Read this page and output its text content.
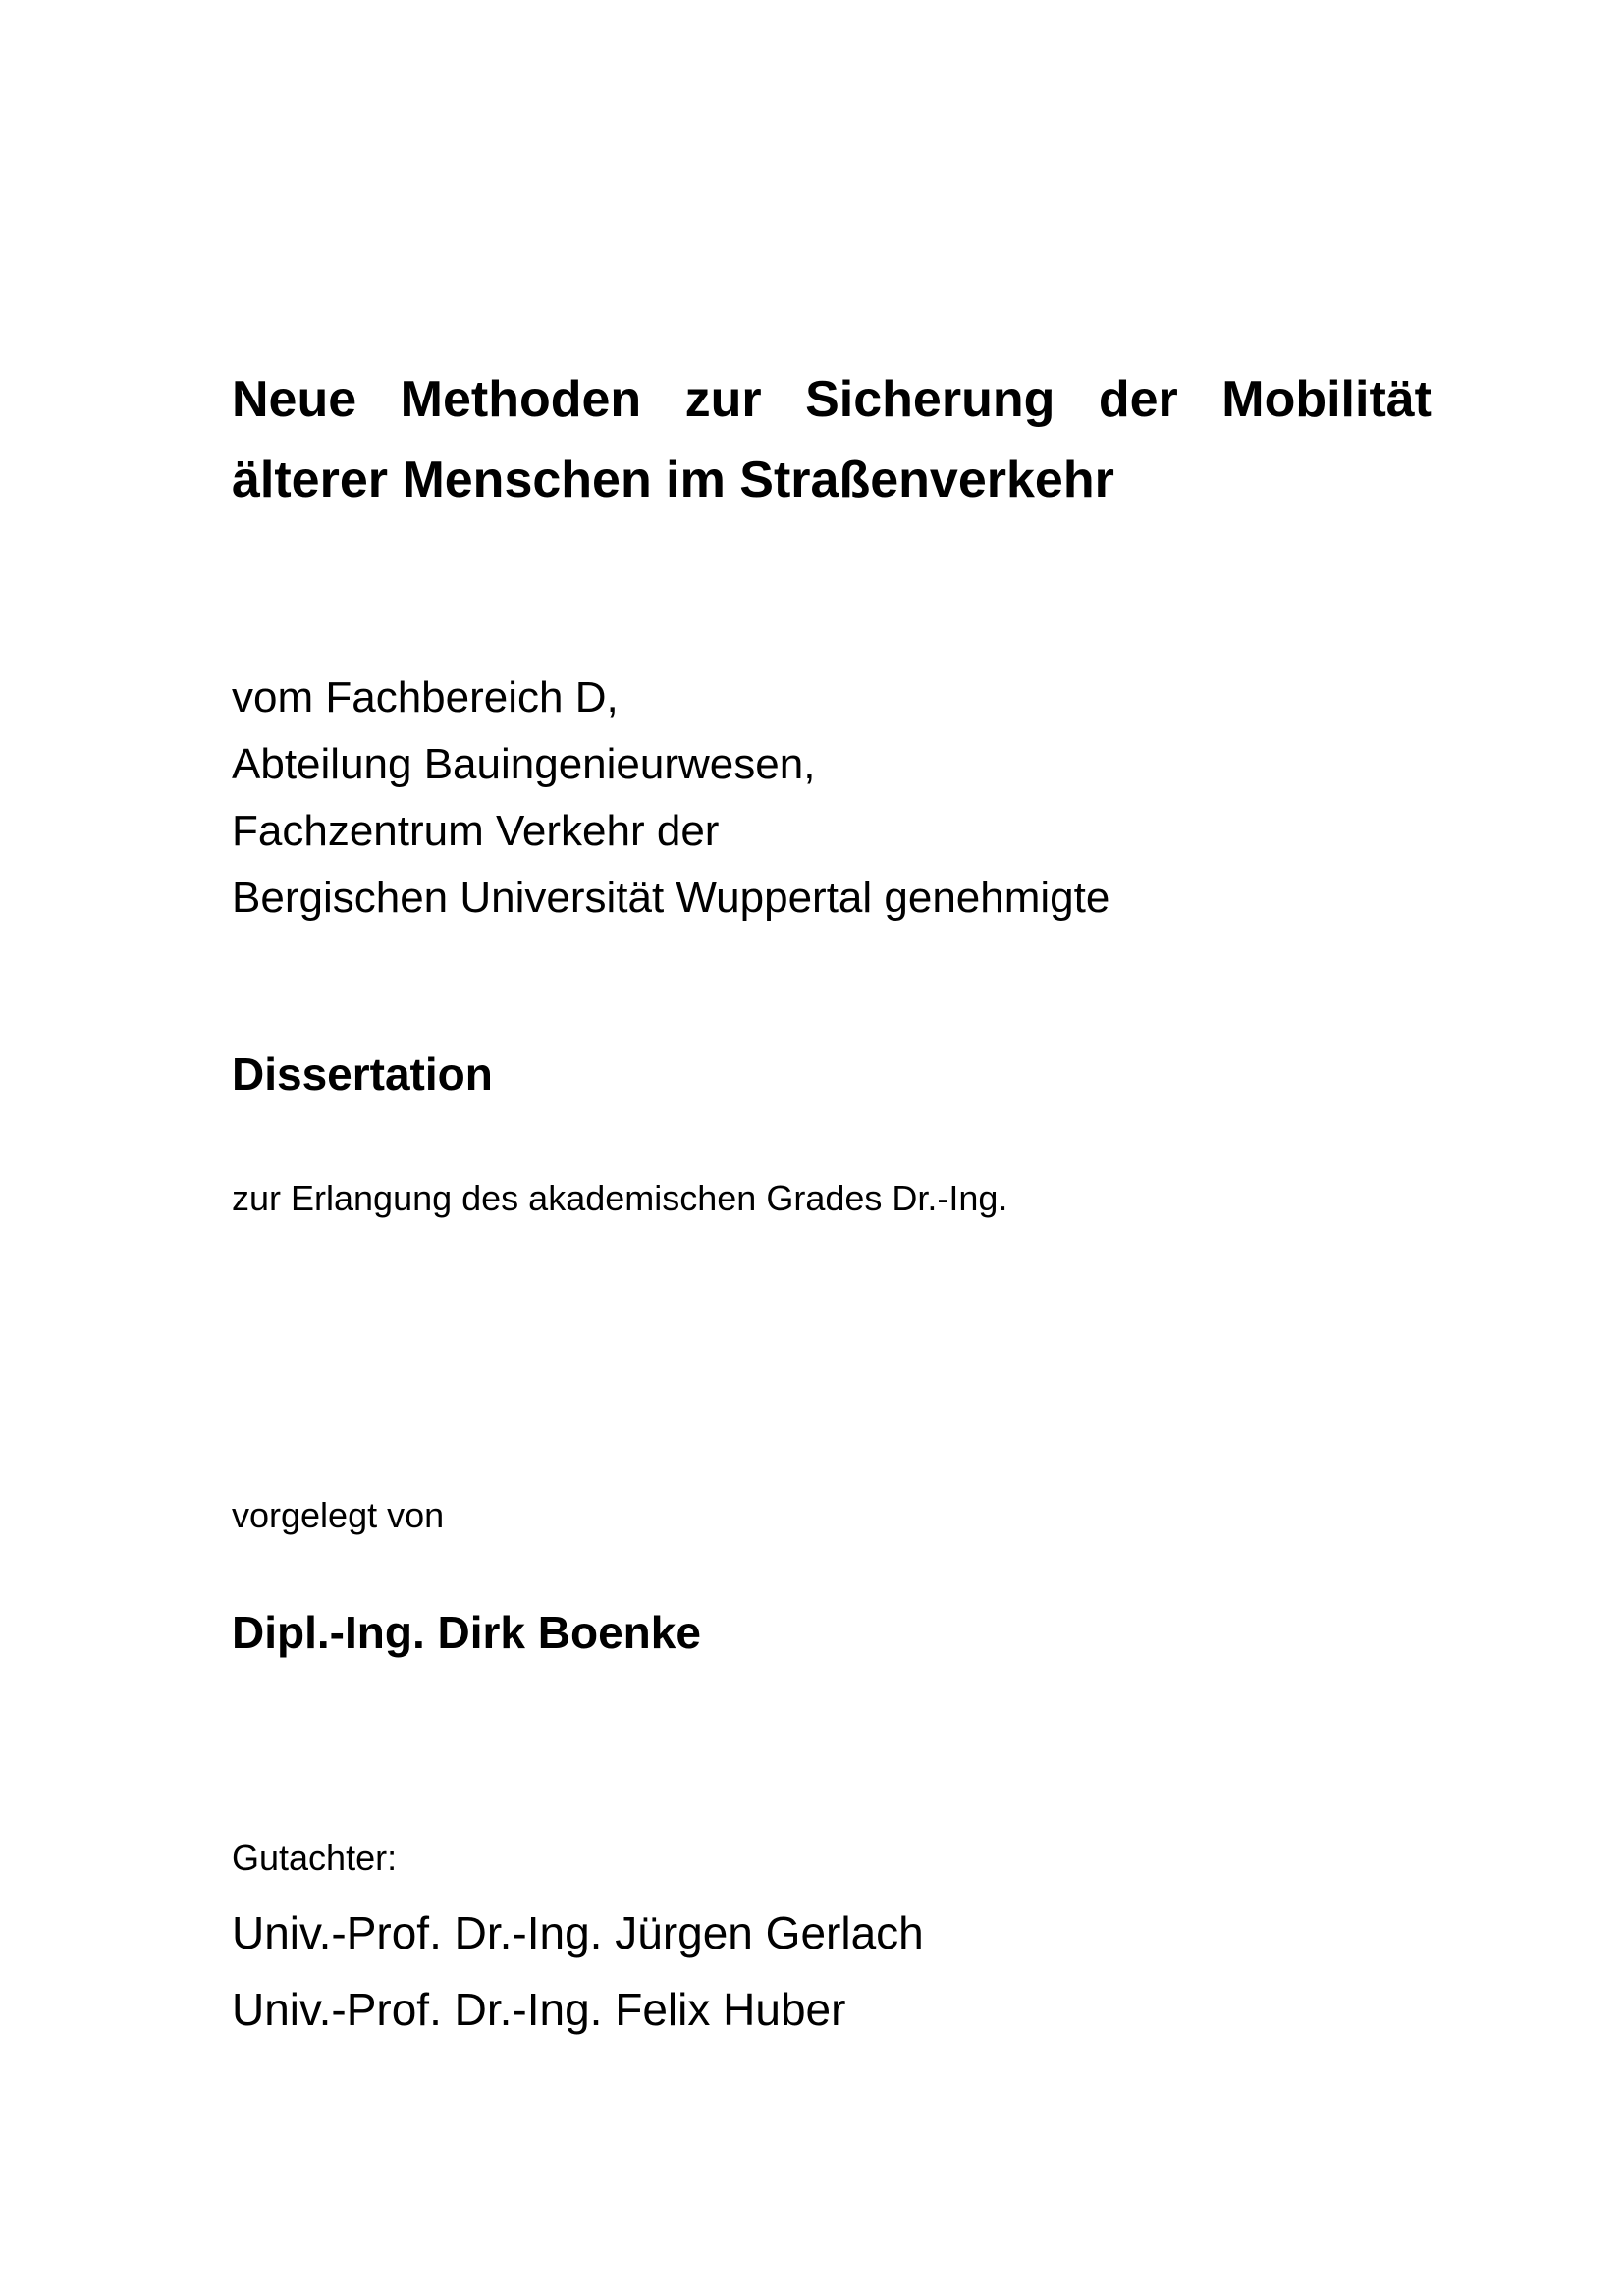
Neue Methoden zur Sicherung der Mobilität
älterer Menschen im Straßenverkehr
vom Fachbereich D,
Abteilung Bauingenieurwesen,
Fachzentrum Verkehr der
Bergischen Universität Wuppertal genehmigte
Dissertation

zur Erlangung des akademischen Grades Dr.-Ing.

vorgelegt von

Dipl.-Ing. Dirk Boenke

Gutachter:

Univ.-Prof. Dr.-Ing. Jürgen Gerlach
Univ.-Prof. Dr.-Ing. Felix Huber
